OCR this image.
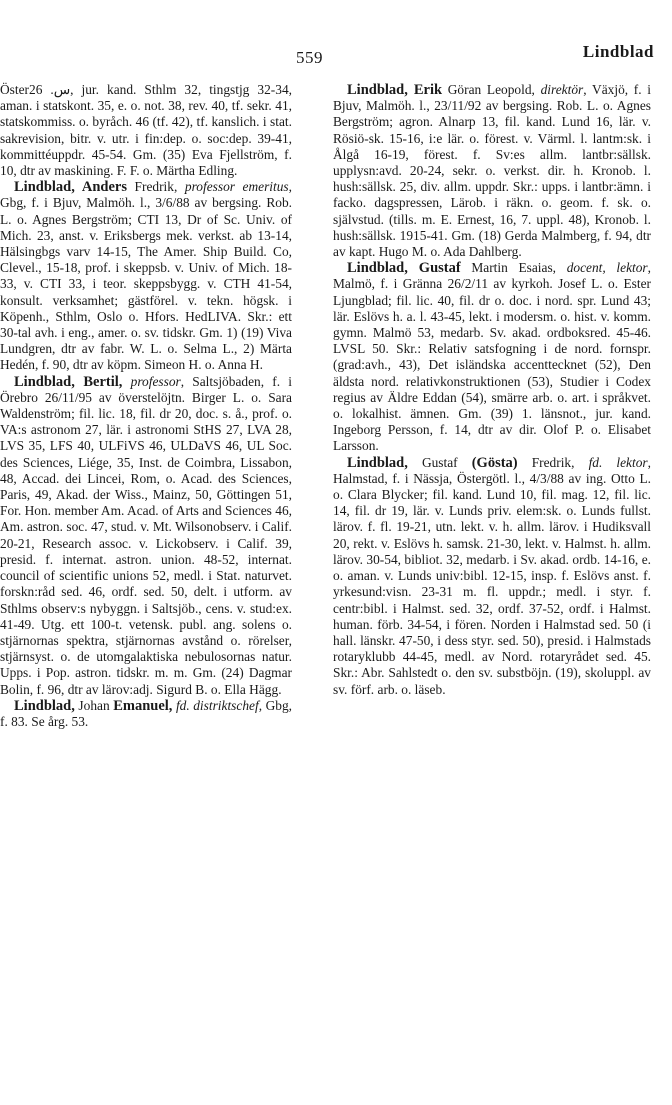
559	Lindblad

Österس. 26, jur. kand. Sthlm 32, tingstjg 32-34, aman. i statskont. 35, e. o. not. 38, rev. 40, tf. sekr. 41, statskommiss. o. byråch. 46 (tf. 42), tf. kanslich. i stat. sakrevision, bitr. v. utr. i fin:dep. o. soc:dep. 39-41, kommittéuppdr. 45-54. Gm. (35) Eva Fjellström, f. 10, dtr av maskining. F. F. o. Märtha Edling.

Lindblad, Anders Fredrik, professor emeritus, Gbg, f. i Bjuv, Malmöh. l., 3/6/88 av bergsing. Rob. L. o. Agnes Bergström; CTI 13, Dr of Sc. Univ. of Mich. 23, anst. v. Eriksbergs mek. verkst. ab 13-14, Hälsingbgs varv 14-15, The Amer. Ship Build. Co, Clevel., 15-18, prof. i skeppsb. v. Univ. of Mich. 18-33, v. CTI 33, i teor. skeppsbygg. v. CTH 41-54, konsult. verksamhet; gästförel. v. tekn. högsk. i Köpenh., Sthlm, Oslo o. Hfors. HedLIVA. Skr.: ett 30-tal avh. i eng., amer. o. sv. tidskr. Gm. 1) (19) Viva Lundgren, dtr av fabr. W. L. o. Selma L., 2) Märta Hedén, f. 90, dtr av köpm. Simeon H. o. Anna H.

Lindblad, Bertil, professor, Saltsjöbaden, f. i Örebro 26/11/95 av överstelöjtn. Birger L. o. Sara Waldenström; fil. lic. 18, fil. dr 20, doc. s. å., prof. o. VA:s astronom 27, lär. i astronomi StHS 27, LVA 28, LVS 35, LFS 40, ULFiVS 46, ULDaVS 46, UL Soc. des Sciences, Liége, 35, Inst. de Coimbra, Lissabon, 48, Accad. dei Lincei, Rom, o. Acad. des Sciences, Paris, 49, Akad. der Wiss., Mainz, 50, Göttingen 51, For. Hon. member Am. Acad. of Arts and Sciences 46, Am. astron. soc. 47, stud. v. Mt. Wilsonobserv. i Calif. 20-21, Research assoc. v. Lickobserv. i Calif. 39, presid. f. internat. astron. union. 48-52, internat. council of scientific unions 52, medl. i Stat. naturvet. forskn:råd sed. 46, ordf. sed. 50, delt. i utform. av Sthlms observ:s nybyggn. i Saltsjöb., cens. v. stud:ex. 41-49. Utg. ett 100-t. vetensk. publ. ang. solens o. stjärnornas spektra, stjärnornas avstånd o. rörelser, stjärnsyst. o. de utomgalaktiska nebulosornas natur. Upps. i Pop. astron. tidskr. m. m. Gm. (24) Dagmar Bolin, f. 96, dtr av lärov:adj. Sigurd B. o. Ella Hägg.

Lindblad, Johan Emanuel, fd. distriktschef, Gbg, f. 83. Se årg. 53.

Lindblad, Erik Göran Leopold, direktör, Växjö, f. i Bjuv, Malmöh. l., 23/11/92 av bergsing. Rob. L. o. Agnes Bergström; agron. Alnarp 13, fil. kand. Lund 16, lär. v. Rösiö-sk. 15-16, i:e lär. o. förest. v. Värml. l. lantm:sk. i Ålgå 16-19, förest. f. Sv:es allm. lantbr:sällsk. upplysn:avd. 20-24, sekr. o. verkst. dir. h. Kronob. l. hush:sällsk. 25, div. allm. uppdr. Skr.: upps. i lantbr:ämn. i facko. dagspressen, Lärob. i räkn. o. geom. f. sk. o. självstud. (tills. m. E. Ernest, 16, 7. uppl. 48), Kronob. l. hush:sällsk. 1915-41. Gm. (18) Gerda Malmberg, f. 94, dtr av kapt. Hugo M. o. Ada Dahlberg.

Lindblad, Gustaf Martin Esaias, docent, lektor, Malmö, f. i Gränna 26/2/11 av kyrkoh. Josef L. o. Ester Ljungblad; fil. lic. 40, fil. dr o. doc. i nord. spr. Lund 43; lär. Eslövs h. a. l. 43-45, lekt. i modersm. o. hist. v. komm. gymn. Malmö 53, medarb. Sv. akad. ordboksred. 45-46. LVSL 50. Skr.: Relativ satsfogning i de nord. fornspr. (grad:avh., 43), Det isländska accenttecknet (52), Den äldsta nord. relativkonstruktionen (53), Studier i Codex regius av Äldre Eddan (54), smärre arb. o. art. i språkvet. o. lokalhist. ämnen. Gm. (39) 1. länsnot., jur. kand. Ingeborg Persson, f. 14, dtr av dir. Olof P. o. Elisabet Larsson.

Lindblad, Gustaf (Gösta) Fredrik, fd. lektor, Halmstad, f. i Nässja, Östergötl. l., 4/3/88 av ing. Otto L. o. Clara Blycker; fil. kand. Lund 10, fil. mag. 12, fil. lic. 14, fil. dr 19, lär. v. Lunds priv. elem:sk. o. Lunds fullst. lärov. f. fl. 19-21, utn. lekt. v. h. allm. lärov. i Hudiksvall 20, rekt. v. Eslövs h. samsk. 21-30, lekt. v. Halmst. h. allm. lärov. 30-54, bibliot. 32, medarb. i Sv. akad. ordb. 14-16, e. o. aman. v. Lunds univ:bibl. 12-15, insp. f. Eslövs anst. f. yrkesund:visn. 23-31 m. fl. uppdr.; medl. i styr. f. centr:bibl. i Halmst. sed. 32, ordf. 37-52, ordf. i Halmst. human. förb. 34-54, i fören. Norden i Halmstad sed. 50 (i hall. länskr. 47-50, i dess styr. sed. 50), presid. i Halmstads rotaryklubb 44-45, medl. av Nord. rotaryrådet sed. 45. Skr.: Abr. Sahlstedt o. den sv. substböjn. (19), skoluppl. av sv. förf. arb. o. läseb.
